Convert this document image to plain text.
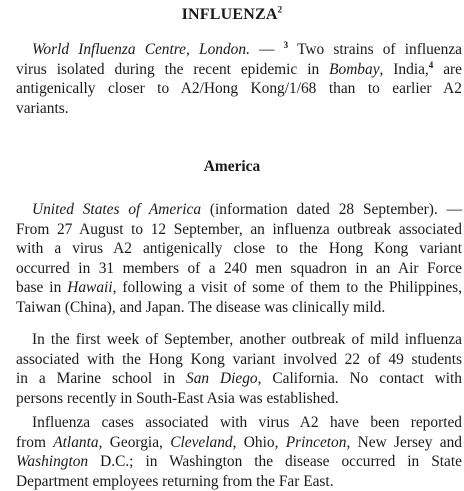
INFLUENZA$^2$
World Influenza Centre, London. — $^3$ Two strains of influenza
virus isolated during the recent epidemic in Bombay, India,$^4$ are
antigenically closer to A2/Hong Kong/1/68 than to earlier A2
variants.
America
United States of America (information dated 28 September). —
From 27 August to 12 September, an influenza outbreak associated
with a virus A2 antigenically close to the Hong Kong variant
occurred in 31 members of a 240 men squadron in an Air Force
base in Hawaii, following a visit of some of them to the Philippines,
Taiwan (China), and Japan. The disease was clinically mild.
In the first week of September, another outbreak of mild influenza
associated with the Hong Kong variant involved 22 of 49 students
in a Marine school in San Diego, California. No contact with
persons recently in South-East Asia was established.
Influenza cases associated with virus A2 have been reported
from Atlanta, Georgia, Cleveland, Ohio, Princeton, New Jersey and
Washington D.C.; in Washington the disease occurred in State
Department employees returning from the Far East.
